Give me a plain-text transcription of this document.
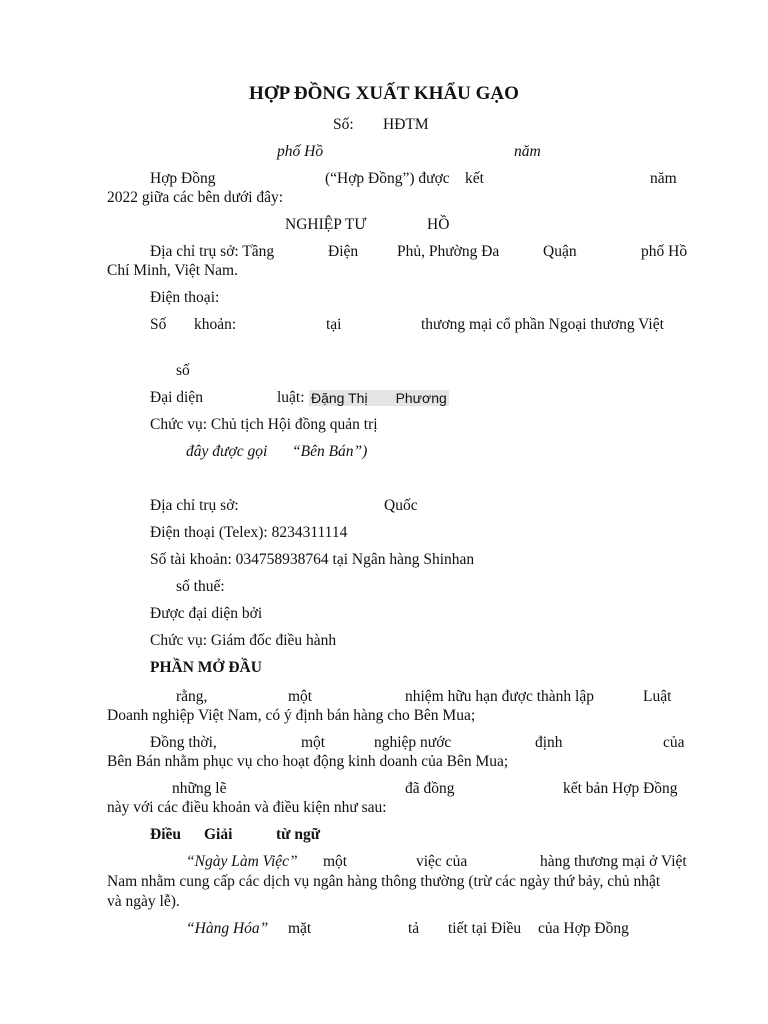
HỢP ĐỒNG XUẤT KHẨU GẠO
Số: HĐTM
phố Hồ	năm
Hợp Đồng	(“Hợp Đồng”) được kết	năm
2022 giữa các bên dưới đây:
NGHIỆP TƯ	HỒ
Địa chỉ trụ sở: Tầng	Điện	Phủ, Phường Đa	Quận	phố Hồ
Chí Minh, Việt Nam.
Điện thoại:
Số khoản:	tại	thương mại cổ phần Ngoại thương Việt
số
Đại diện	luật: Đặng Thị Phương
Chức vụ: Chủ tịch Hội đồng quản trị
đây được gọi “Bên Bán”)
Địa chỉ trụ sở:	Quốc
Điện thoại (Telex): 8234311114
Số tài khoản: 034758938764 tại Ngân hàng Shinhan
số thuế:
Được đại diện bởi
Chức vụ: Giám đốc điều hành
PHẦN MỞ ĐẦU
rằng,	một	nhiệm hữu hạn được thành lập	Luật
Doanh nghiệp Việt Nam, có ý định bán hàng cho Bên Mua;
Đồng thời,	một	nghiệp nước	định	của
Bên Bán nhằm phục vụ cho hoạt động kinh doanh của Bên Mua;
những lẽ	đã đồng	kết bản Hợp Đồng
này với các điều khoản và điều kiện như sau:
Điều Giải	từ ngữ
“Ngày Làm Việc” một	việc của	hàng thương mại ở Việt
Nam nhằm cung cấp các dịch vụ ngân hàng thông thường (trừ các ngày thứ bảy, chủ nhật
và ngày lễ).
“Hàng Hóa” mặt	tả tiết tại Điều của Hợp Đồng
